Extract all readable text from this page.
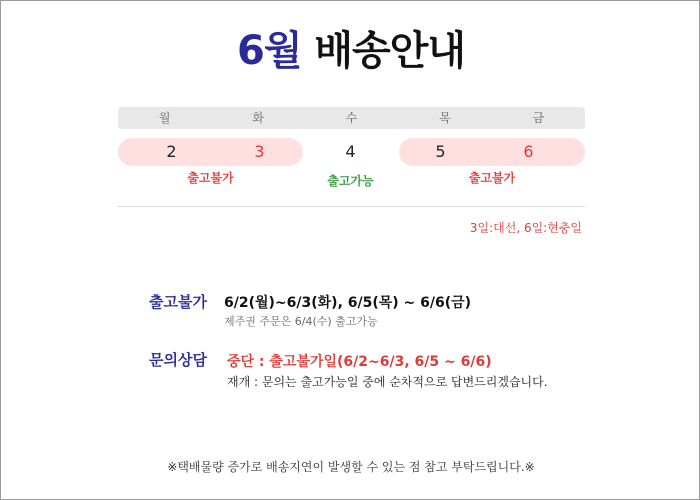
6월 배송안내
월	화	수	목	금
2	3	4	5	6
출고불가	출고가능	출고불가
3일:대선, 6일:현충일
출고불가 6/2(월)~6/3(화), 6/5(목) ~ 6/6(금)
제주권 주문은 6/4(수) 출고가능
문의상담 중단 : 출고불가일(6/2~6/3, 6/5 ~ 6/6)
재개 : 문의는 출고가능일 중에 순차적으로 답변드리겠습니다.
※택배물량 증가로 배송지연이 발생할 수 있는 점 참고 부탁드립니다.※
